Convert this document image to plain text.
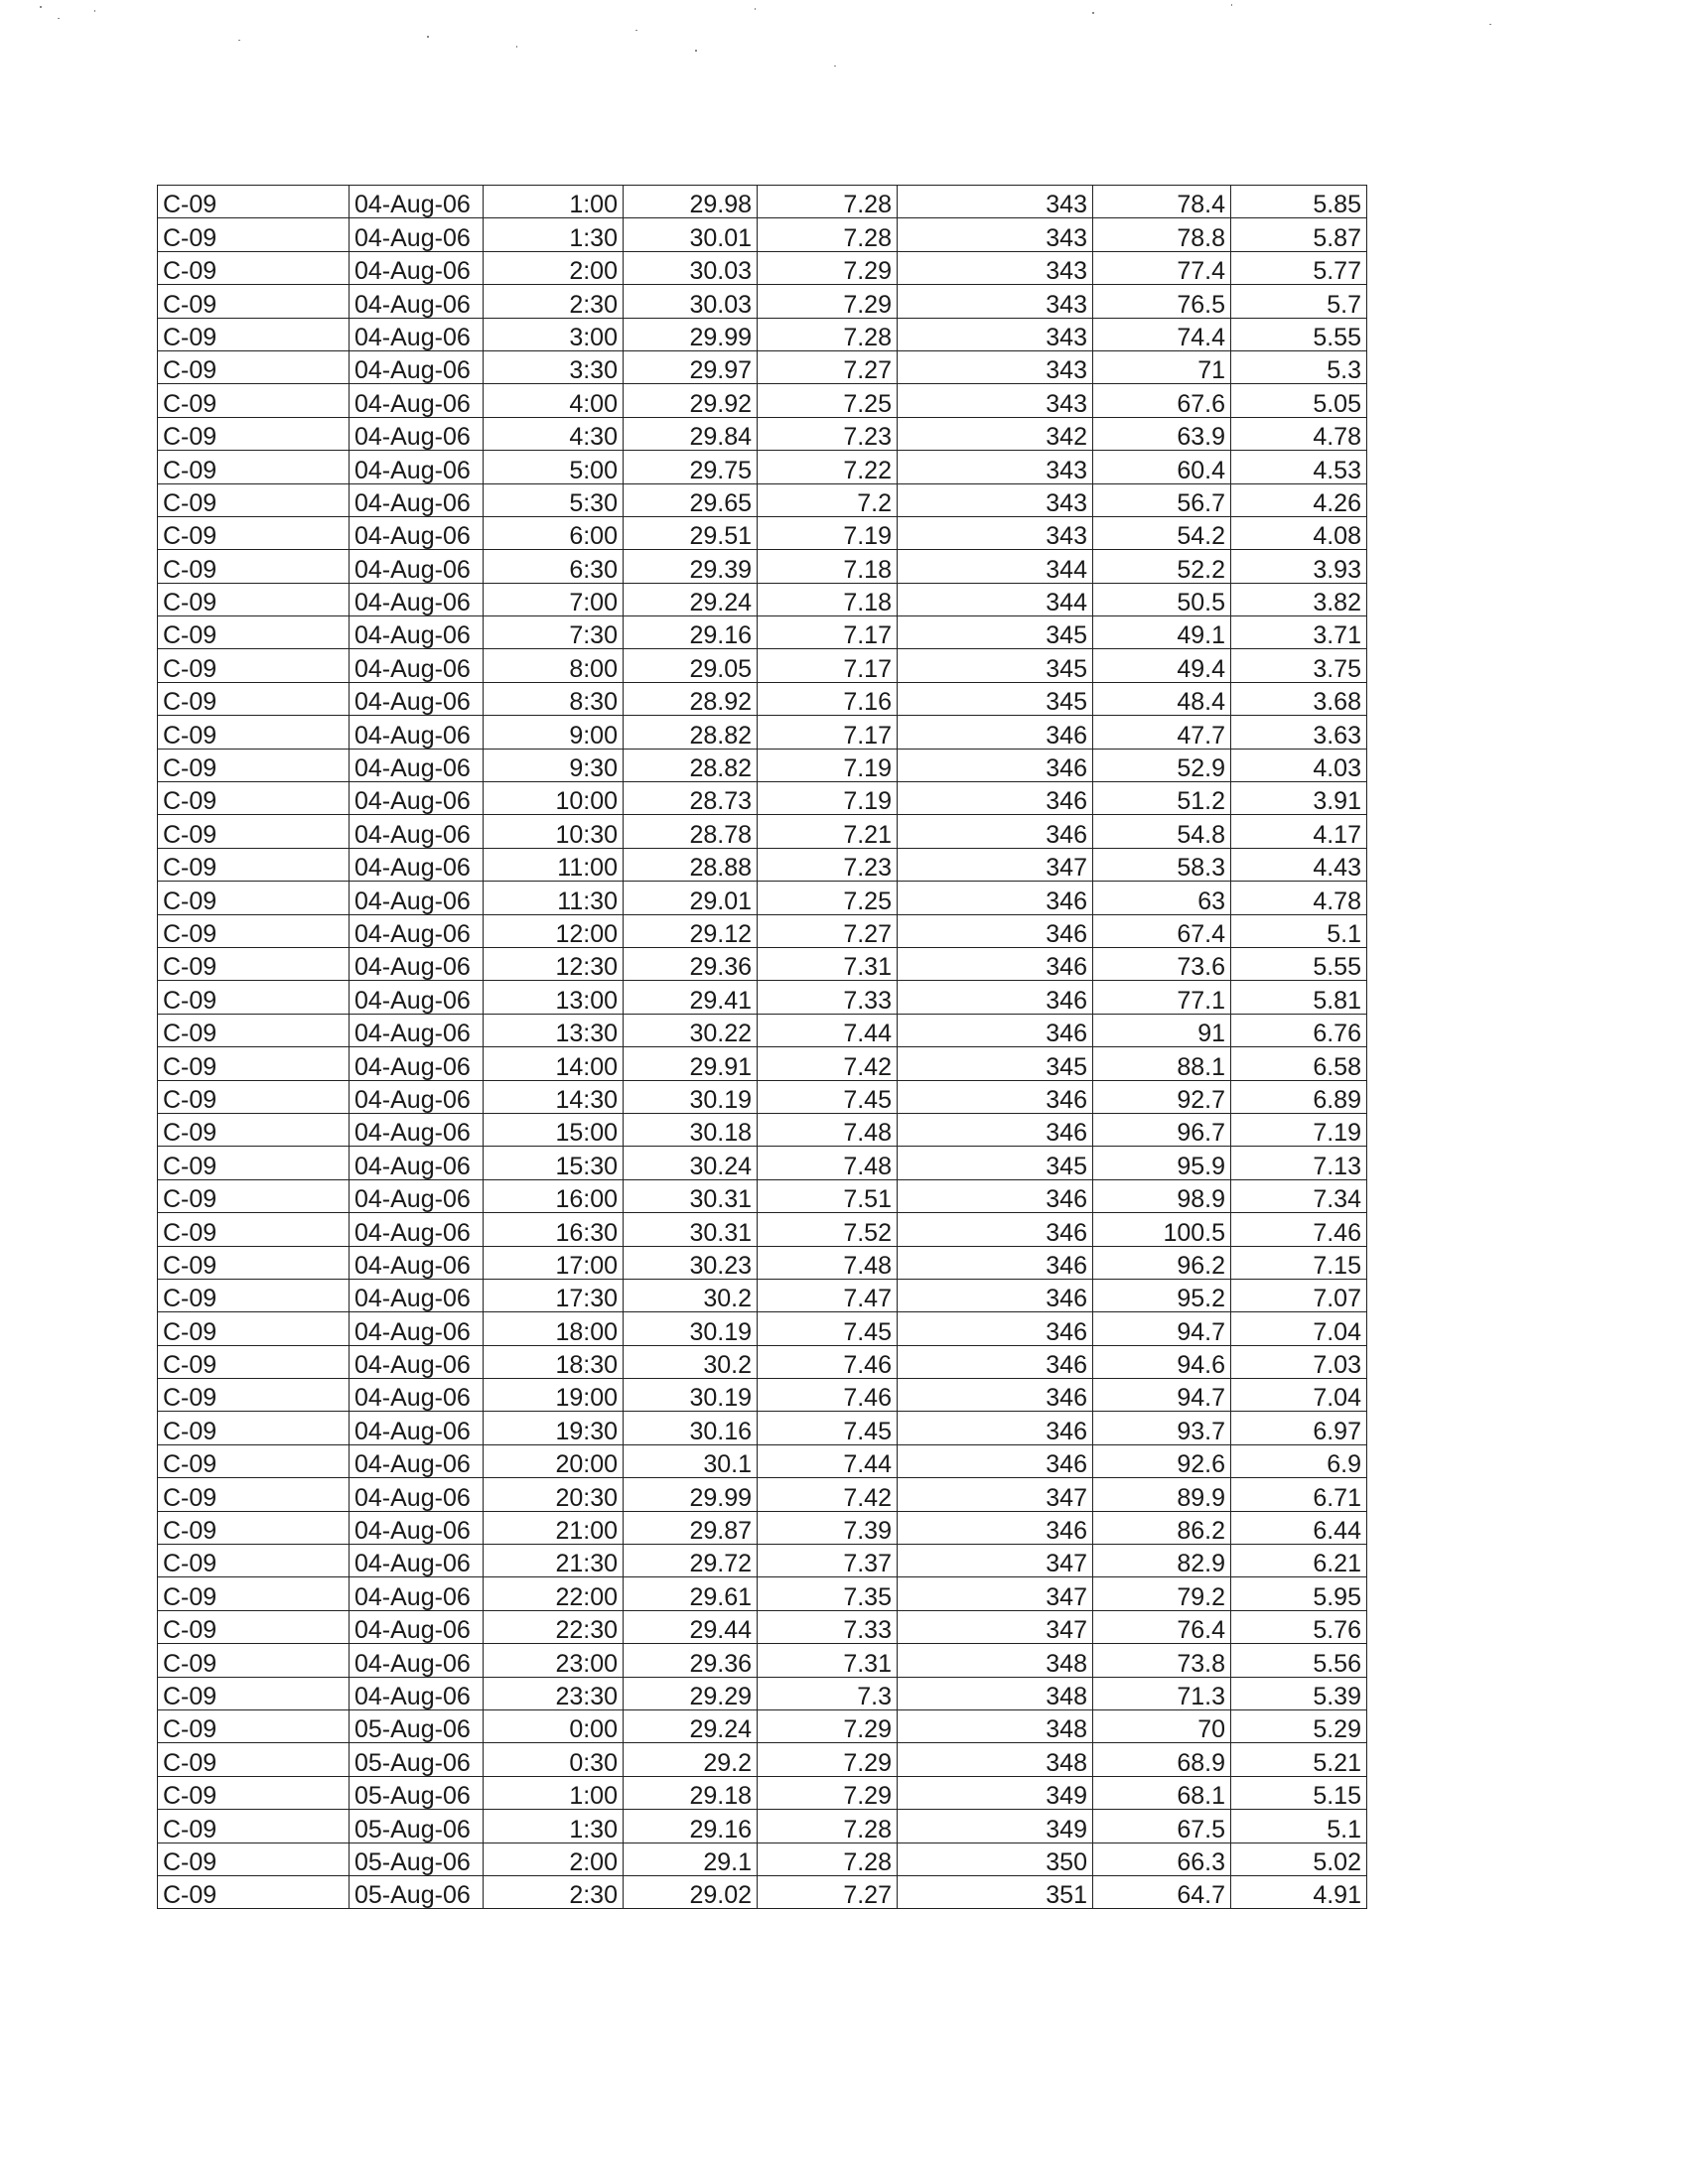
C-09	04-Aug-06	1:00	29.98	7.28	343	78.4	5.85
C-09	04-Aug-06	1:30	30.01	7.28	343	78.8	5.87
C-09	04-Aug-06	2:00	30.03	7.29	343	77.4	5.77
C-09	04-Aug-06	2:30	30.03	7.29	343	76.5	5.7
C-09	04-Aug-06	3:00	29.99	7.28	343	74.4	5.55
C-09	04-Aug-06	3:30	29.97	7.27	343	71	5.3
C-09	04-Aug-06	4:00	29.92	7.25	343	67.6	5.05
C-09	04-Aug-06	4:30	29.84	7.23	342	63.9	4.78
C-09	04-Aug-06	5:00	29.75	7.22	343	60.4	4.53
C-09	04-Aug-06	5:30	29.65	7.2	343	56.7	4.26
C-09	04-Aug-06	6:00	29.51	7.19	343	54.2	4.08
C-09	04-Aug-06	6:30	29.39	7.18	344	52.2	3.93
C-09	04-Aug-06	7:00	29.24	7.18	344	50.5	3.82
C-09	04-Aug-06	7:30	29.16	7.17	345	49.1	3.71
C-09	04-Aug-06	8:00	29.05	7.17	345	49.4	3.75
C-09	04-Aug-06	8:30	28.92	7.16	345	48.4	3.68
C-09	04-Aug-06	9:00	28.82	7.17	346	47.7	3.63
C-09	04-Aug-06	9:30	28.82	7.19	346	52.9	4.03
C-09	04-Aug-06	10:00	28.73	7.19	346	51.2	3.91
C-09	04-Aug-06	10:30	28.78	7.21	346	54.8	4.17
C-09	04-Aug-06	11:00	28.88	7.23	347	58.3	4.43
C-09	04-Aug-06	11:30	29.01	7.25	346	63	4.78
C-09	04-Aug-06	12:00	29.12	7.27	346	67.4	5.1
C-09	04-Aug-06	12:30	29.36	7.31	346	73.6	5.55
C-09	04-Aug-06	13:00	29.41	7.33	346	77.1	5.81
C-09	04-Aug-06	13:30	30.22	7.44	346	91	6.76
C-09	04-Aug-06	14:00	29.91	7.42	345	88.1	6.58
C-09	04-Aug-06	14:30	30.19	7.45	346	92.7	6.89
C-09	04-Aug-06	15:00	30.18	7.48	346	96.7	7.19
C-09	04-Aug-06	15:30	30.24	7.48	345	95.9	7.13
C-09	04-Aug-06	16:00	30.31	7.51	346	98.9	7.34
C-09	04-Aug-06	16:30	30.31	7.52	346	100.5	7.46
C-09	04-Aug-06	17:00	30.23	7.48	346	96.2	7.15
C-09	04-Aug-06	17:30	30.2	7.47	346	95.2	7.07
C-09	04-Aug-06	18:00	30.19	7.45	346	94.7	7.04
C-09	04-Aug-06	18:30	30.2	7.46	346	94.6	7.03
C-09	04-Aug-06	19:00	30.19	7.46	346	94.7	7.04
C-09	04-Aug-06	19:30	30.16	7.45	346	93.7	6.97
C-09	04-Aug-06	20:00	30.1	7.44	346	92.6	6.9
C-09	04-Aug-06	20:30	29.99	7.42	347	89.9	6.71
C-09	04-Aug-06	21:00	29.87	7.39	346	86.2	6.44
C-09	04-Aug-06	21:30	29.72	7.37	347	82.9	6.21
C-09	04-Aug-06	22:00	29.61	7.35	347	79.2	5.95
C-09	04-Aug-06	22:30	29.44	7.33	347	76.4	5.76
C-09	04-Aug-06	23:00	29.36	7.31	348	73.8	5.56
C-09	04-Aug-06	23:30	29.29	7.3	348	71.3	5.39
C-09	05-Aug-06	0:00	29.24	7.29	348	70	5.29
C-09	05-Aug-06	0:30	29.2	7.29	348	68.9	5.21
C-09	05-Aug-06	1:00	29.18	7.29	349	68.1	5.15
C-09	05-Aug-06	1:30	29.16	7.28	349	67.5	5.1
C-09	05-Aug-06	2:00	29.1	7.28	350	66.3	5.02
C-09	05-Aug-06	2:30	29.02	7.27	351	64.7	4.91
